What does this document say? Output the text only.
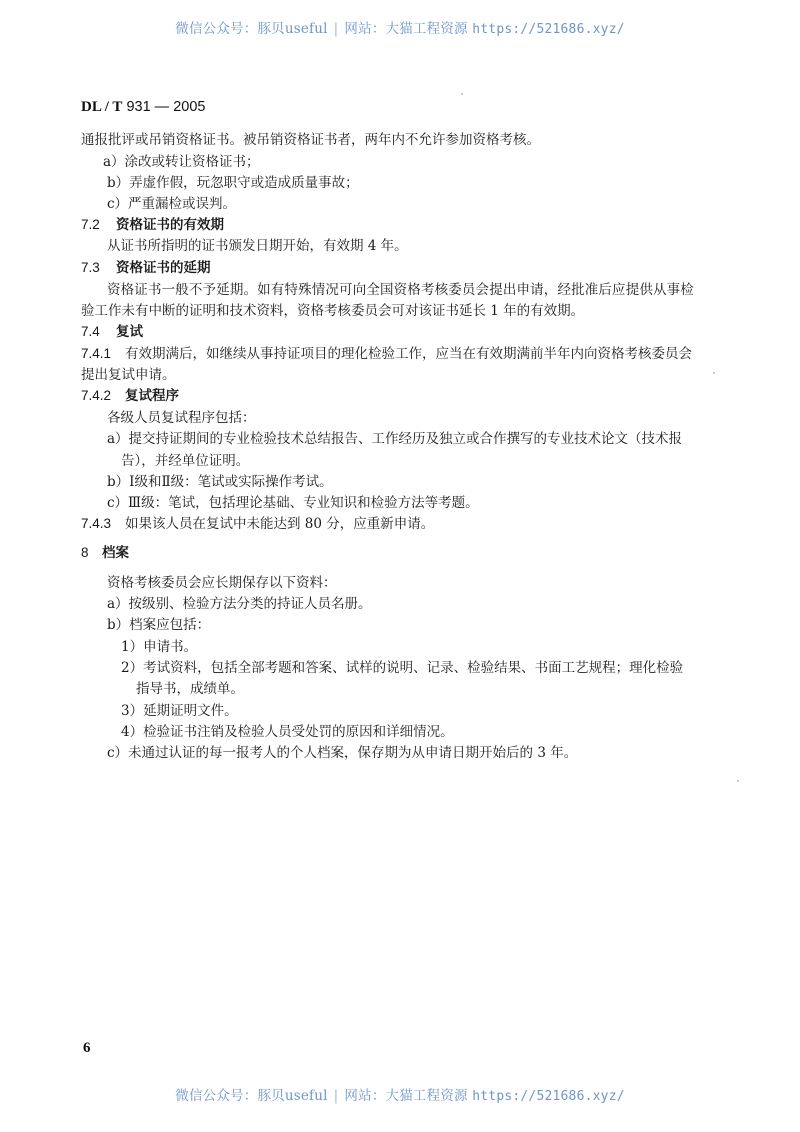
微信公众号：豚贝useful | 网站：大猫工程资源 https://521686.xyz/
DL / T 931 — 2005
通报批评或吊销资格证书。被吊销资格证书者，两年内不允许参加资格考核。
a）涂改或转让资格证书；
b）弄虚作假，玩忽职守或造成质量事故；
c）严重漏检或误判。
7.2 资格证书的有效期
从证书所指明的证书颁发日期开始，有效期 4 年。
7.3 资格证书的延期
资格证书一般不予延期。如有特殊情况可向全国资格考核委员会提出申请，经批准后应提供从事检
验工作未有中断的证明和技术资料，资格考核委员会可对该证书延长 1 年的有效期。
7.4 复试
7.4.1 有效期满后，如继续从事持证项目的理化检验工作，应当在有效期满前半年内向资格考核委员会
提出复试申请。
7.4.2 复试程序
各级人员复试程序包括：
a）提交持证期间的专业检验技术总结报告、工作经历及独立或合作撰写的专业技术论文（技术报
告），并经单位证明。
b）Ⅰ级和Ⅱ级：笔试或实际操作考试。
c）Ⅲ级：笔试，包括理论基础、专业知识和检验方法等考题。
7.4.3 如果该人员在复试中未能达到 80 分，应重新申请。
8 档案
资格考核委员会应长期保存以下资料：
a）按级别、检验方法分类的持证人员名册。
b）档案应包括：
1）申请书。
2）考试资料，包括全部考题和答案、试样的说明、记录、检验结果、书面工艺规程；理化检验
指导书，成绩单。
3）延期证明文件。
4）检验证书注销及检验人员受处罚的原因和详细情况。
c）未通过认证的每一报考人的个人档案，保存期为从申请日期开始后的 3 年。
6
微信公众号：豚贝useful | 网站：大猫工程资源 https://521686.xyz/
